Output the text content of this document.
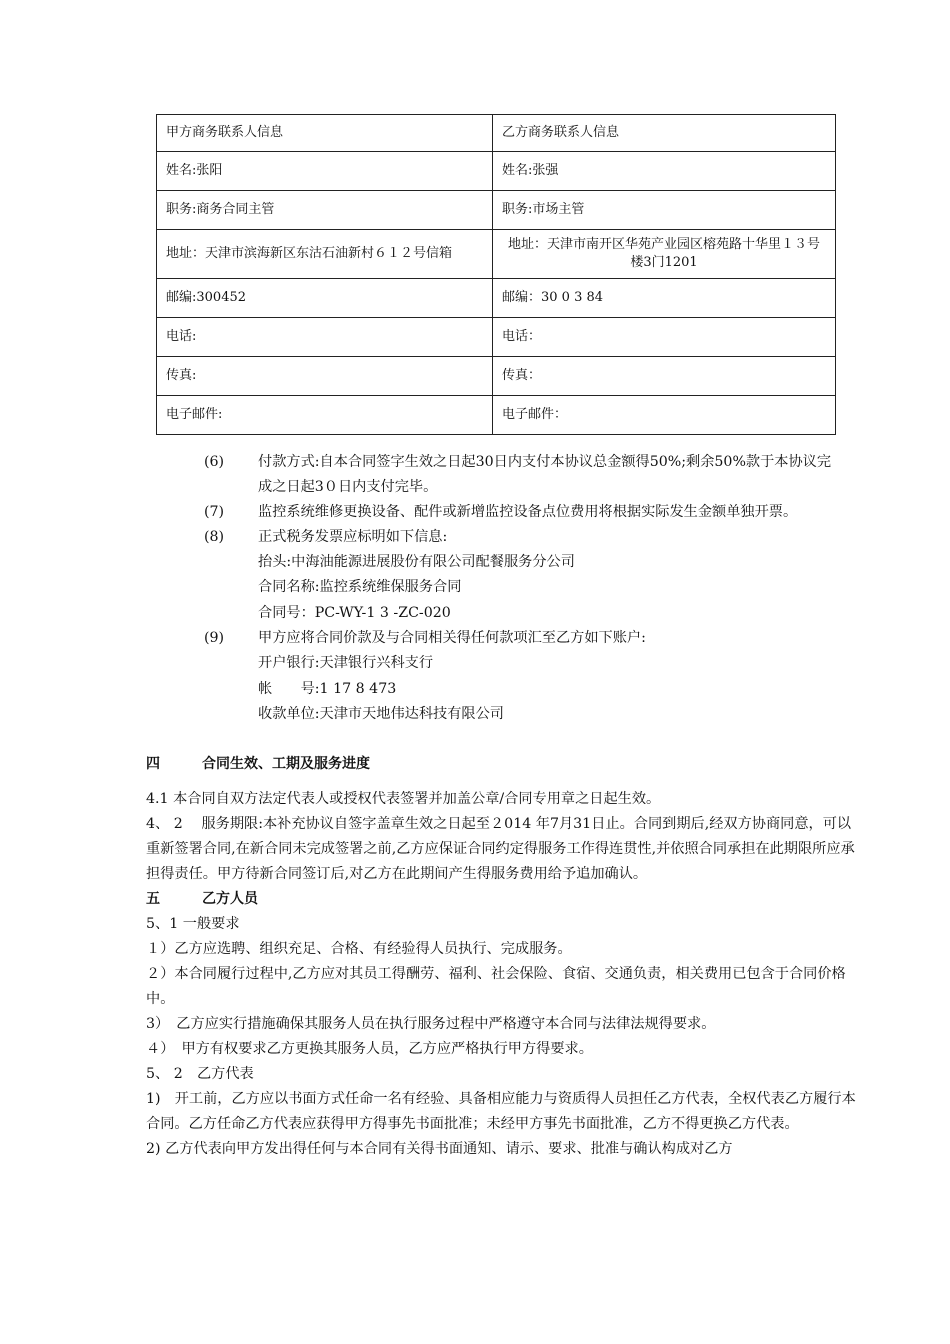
甲方商务联系人信息	乙方商务联系人信息
姓名:张阳	姓名:张强
职务:商务合同主管	职务:市场主管
地址：天津市滨海新区东沽石油新村６１２号信箱	地址：天津市南开区华苑产业园区榕苑路十华里１３号楼3门1201
邮编:300452	邮编：30 0 3 84
电话:	电话：
传真:	传真：
电子邮件:	电子邮件：
(6)	付款方式:自本合同签字生效之日起30日内支付本协议总金额得50%;剩余50%款于本协议完成之日起3０日内支付完毕。
(7)	监控系统维修更换设备、配件或新增监控设备点位费用将根据实际发生金额单独开票。
(8)	正式税务发票应标明如下信息:
抬头:中海油能源进展股份有限公司配餐服务分公司
合同名称:监控系统维保服务合同
合同号：PC-WY-1 3 -ZC-020
(9)	甲方应将合同价款及与合同相关得任何款项汇至乙方如下账户:
开户银行:天津银行兴科支行
帐　　号:1 17 8 473
收款单位:天津市天地伟达科技有限公司

四	合同生效、工期及服务进度

4.1 本合同自双方法定代表人或授权代表签署并加盖公章/合同专用章之日起生效。

4、 2　 服务期限:本补充协议自签字盖章生效之日起至２014 年7月31日止。合同到期后,经双方协商同意，可以重新签署合同,在新合同未完成签署之前,乙方应保证合同约定得服务工作得连贯性,并依照合同承担在此期限所应承担得责任。甲方待新合同签订后,对乙方在此期间产生得服务费用给予追加确认。

五	乙方人员

5、1 一般要求

１）乙方应选聘、组织充足、合格、有经验得人员执行、完成服务。

２）本合同履行过程中,乙方应对其员工得酬劳、福利、社会保险、食宿、交通负责，相关费用已包含于合同价格中。

3）　乙方应实行措施确保其服务人员在执行服务过程中严格遵守本合同与法律法规得要求。

４）　甲方有权要求乙方更换其服务人员，乙方应严格执行甲方得要求。

5、 2　乙方代表

1)　开工前，乙方应以书面方式任命一名有经验、具备相应能力与资质得人员担任乙方代表，全权代表乙方履行本合同。乙方任命乙方代表应获得甲方得事先书面批准；未经甲方事先书面批准，乙方不得更换乙方代表。

2) 乙方代表向甲方发出得任何与本合同有关得书面通知、请示、要求、批准与确认构成对乙方
